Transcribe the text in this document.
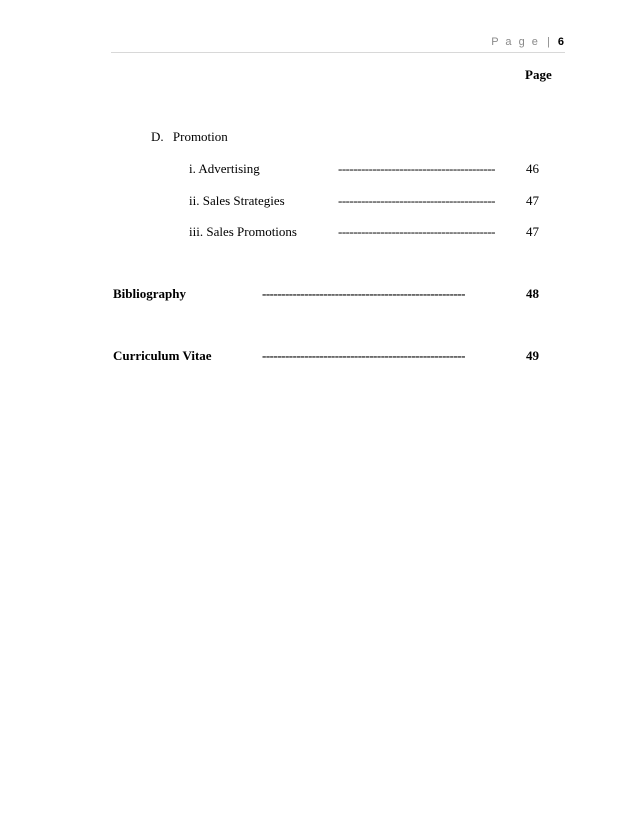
P a g e | 6
Page
D. Promotion
i. Advertising	-----------------------------------------	46
ii. Sales Strategies	-----------------------------------------	47
iii. Sales Promotions	-----------------------------------------	47
Bibliography	-----------------------------------------------------	48
Curriculum Vitae	-----------------------------------------------------	49
